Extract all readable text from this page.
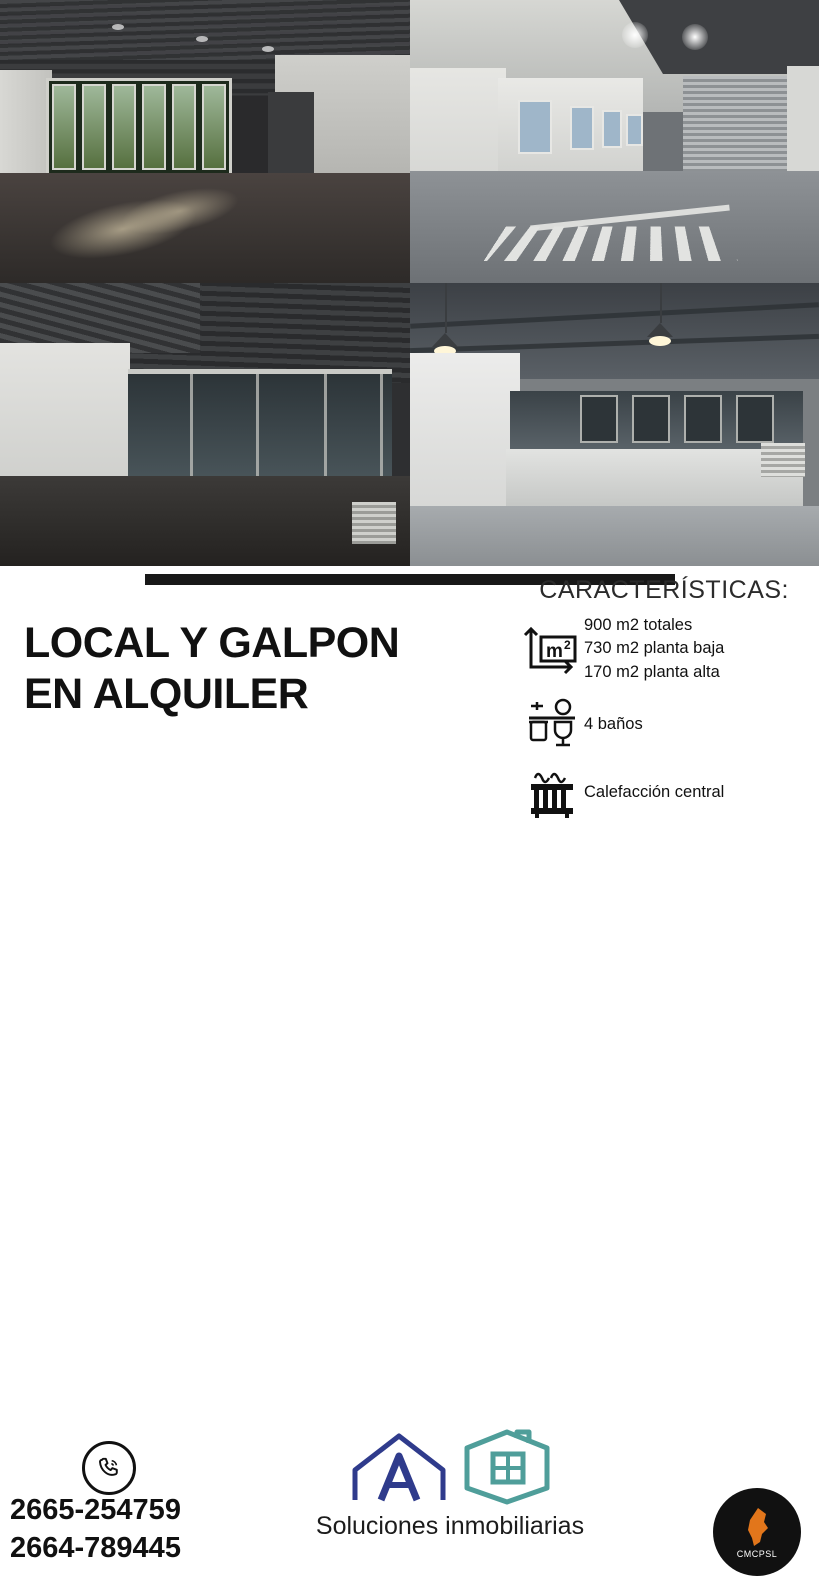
LOCAL Y GALPON
EN ALQUILER
CARACTERÍSTICAS:
m 2
900 m2 totales
730 m2 planta baja
170 m2 planta alta
4 baños
Calefacción central
2665-254759
2664-789445
Soluciones inmobiliarias
CMCPSL
